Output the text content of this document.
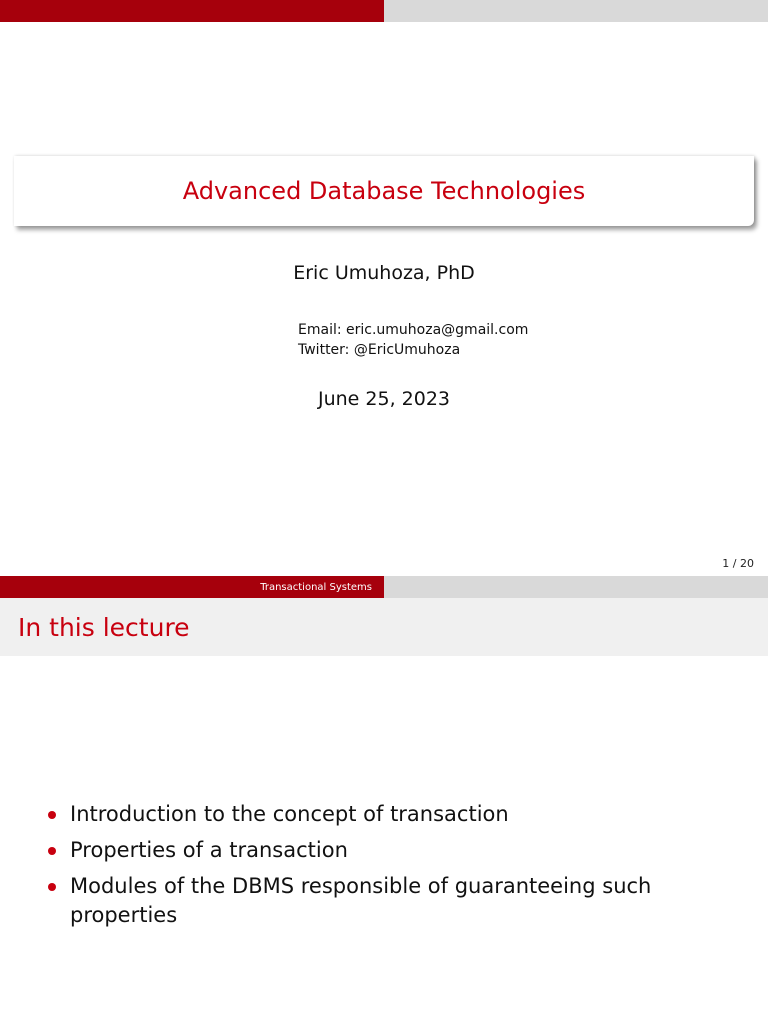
Advanced Database Technologies
Eric Umuhoza, PhD
Email: eric.umuhoza@gmail.com
Twitter: @EricUmuhoza
June 25, 2023
1 / 20
Transactional Systems
In this lecture
Introduction to the concept of transaction
Properties of a transaction
Modules of the DBMS responsible of guaranteeing such properties
